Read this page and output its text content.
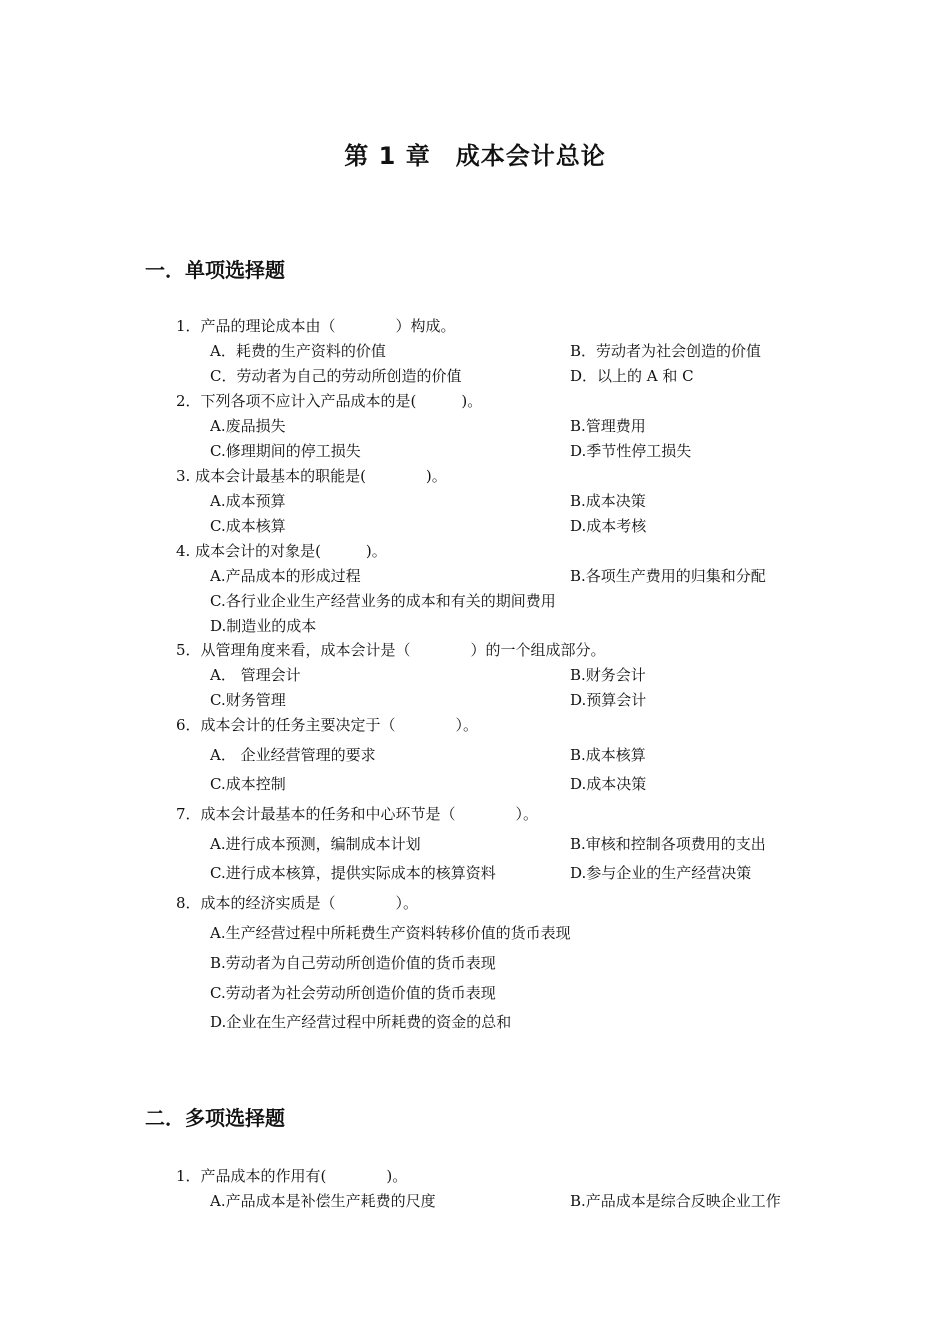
第 1 章　成本会计总论
一．单项选择题
1．产品的理论成本由（　　　　）构成。
A．耗费的生产资料的价值	B．劳动者为社会创造的价值
C．劳动者为自己的劳动所创造的价值	D．以上的 A 和 C
2．下列各项不应计入产品成本的是(　　　)。
A.废品损失	B.管理费用
C.修理期间的停工损失	D.季节性停工损失
3. 成本会计最基本的职能是(　　　　)。
A.成本预算	B.成本决策
C.成本核算	D.成本考核
4. 成本会计的对象是(　　　)。
A.产品成本的形成过程	B.各项生产费用的归集和分配
C.各行业企业生产经营业务的成本和有关的期间费用
D.制造业的成本
5．从管理角度来看，成本会计是（　　　　）的一个组成部分。
A． 管理会计	B.财务会计
C.财务管理	D.预算会计
6．成本会计的任务主要决定于（　　　　）。
A． 企业经营管理的要求	B.成本核算
C.成本控制	D.成本决策
7．成本会计最基本的任务和中心环节是（　　　　）。
A.进行成本预测，编制成本计划	B.审核和控制各项费用的支出
C.进行成本核算，提供实际成本的核算资料	D.参与企业的生产经营决策
8．成本的经济实质是（　　　　）。
A.生产经营过程中所耗费生产资料转移价值的货币表现
B.劳动者为自己劳动所创造价值的货币表现
C.劳动者为社会劳动所创造价值的货币表现
D.企业在生产经营过程中所耗费的资金的总和
二．多项选择题
1．产品成本的作用有(　　　　)。
A.产品成本是补偿生产耗费的尺度	B.产品成本是综合反映企业工作
